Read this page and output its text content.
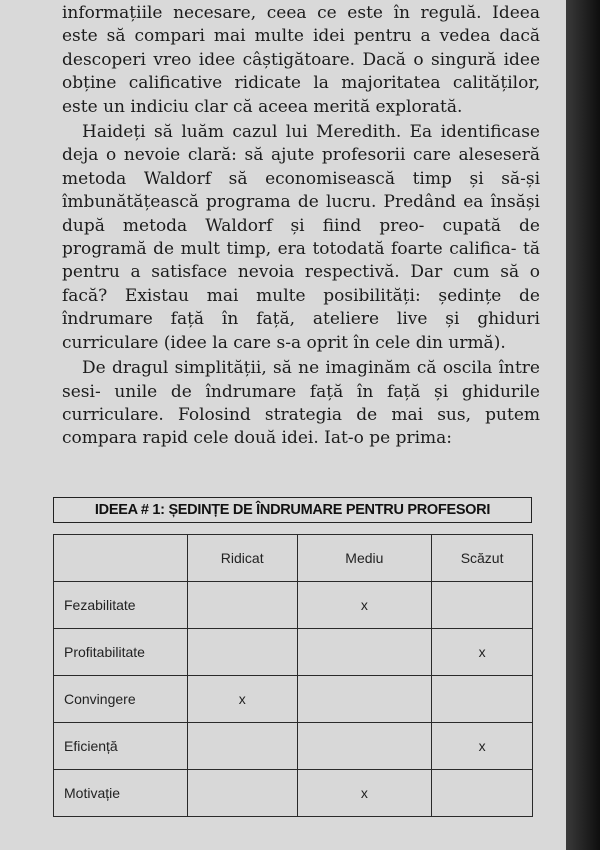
informațiile necesare, ceea ce este în regulă. Ideea este să compari mai multe idei pentru a vedea dacă descoperi vreo idee câștigătoare. Dacă o singură idee obține calificative ridicate la majoritatea calităților, este un indiciu clar că aceea merită explorată.

Haideți să luăm cazul lui Meredith. Ea identificase deja o nevoie clară: să ajute profesorii care aleseseră metoda Waldorf să economisească timp și să-și îmbunătățească programa de lucru. Predând ea însăși după metoda Waldorf și fiind preo- cupată de programă de mult timp, era totodată foarte califica- tă pentru a satisface nevoia respectivă. Dar cum să o facă? Existau mai multe posibilități: ședințe de îndrumare față în față, ateliere live și ghiduri curriculare (idee la care s-a oprit în cele din urmă).

De dragul simplității, să ne imaginăm că oscila între sesi- unile de îndrumare față în față și ghidurile curriculare. Folosind strategia de mai sus, putem compara rapid cele două idei. Iat-o pe prima:

IDEEA # 1: ȘEDINȚE DE ÎNDRUMARE PENTRU PROFESORI
	Ridicat	Mediu	Scăzut
Fezabilitate		x	
Profitabilitate			x
Convingere	x		
Eficiență			x
Motivație		x	
